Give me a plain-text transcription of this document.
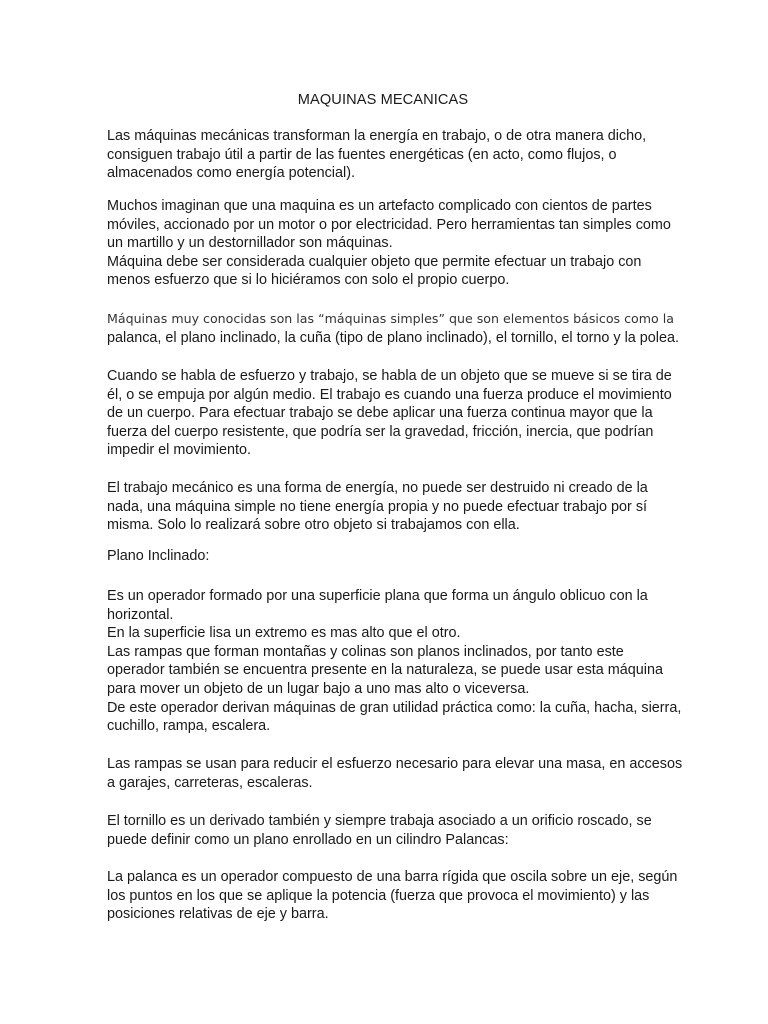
MAQUINAS MECANICAS

Las máquinas mecánicas transforman la energía en trabajo, o de otra manera dicho,
consiguen trabajo útil a partir de las fuentes energéticas (en acto, como flujos, o
almacenados como energía potencial).

Muchos imaginan que una maquina es un artefacto complicado con cientos de partes
móviles, accionado por un motor o por electricidad. Pero herramientas tan simples como
un martillo y un destornillador son máquinas.
Máquina debe ser considerada cualquier objeto que permite efectuar un trabajo con
menos esfuerzo que si lo hiciéramos con solo el propio cuerpo.

Máquinas muy conocidas son las “máquinas simples” que son elementos básicos como la
palanca, el plano inclinado, la cuña (tipo de plano inclinado), el tornillo, el torno y la polea.

Cuando se habla de esfuerzo y trabajo, se habla de un objeto que se mueve si se tira de
él, o se empuja por algún medio. El trabajo es cuando una fuerza produce el movimiento
de un cuerpo. Para efectuar trabajo se debe aplicar una fuerza continua mayor que la
fuerza del cuerpo resistente, que podría ser la gravedad, fricción, inercia, que podrían
impedir el movimiento.

El trabajo mecánico es una forma de energía, no puede ser destruido ni creado de la
nada, una máquina simple no tiene energía propia y no puede efectuar trabajo por sí
misma. Solo lo realizará sobre otro objeto si trabajamos con ella.

Plano Inclinado:

Es un operador formado por una superficie plana que forma un ángulo oblicuo con la
horizontal.
En la superficie lisa un extremo es mas alto que el otro.
Las rampas que forman montañas y colinas son planos inclinados, por tanto este
operador también se encuentra presente en la naturaleza, se puede usar esta máquina
para mover un objeto de un lugar bajo a uno mas alto o viceversa.
De este operador derivan máquinas de gran utilidad práctica como: la cuña, hacha, sierra,
cuchillo, rampa, escalera.

Las rampas se usan para reducir el esfuerzo necesario para elevar una masa, en accesos
a garajes, carreteras, escaleras.

El tornillo es un derivado también y siempre trabaja asociado a un orificio roscado, se
puede definir como un plano enrollado en un cilindro Palancas:

La palanca es un operador compuesto de una barra rígida que oscila sobre un eje, según
los puntos en los que se aplique la potencia (fuerza que provoca el movimiento) y las
posiciones relativas de eje y barra.
